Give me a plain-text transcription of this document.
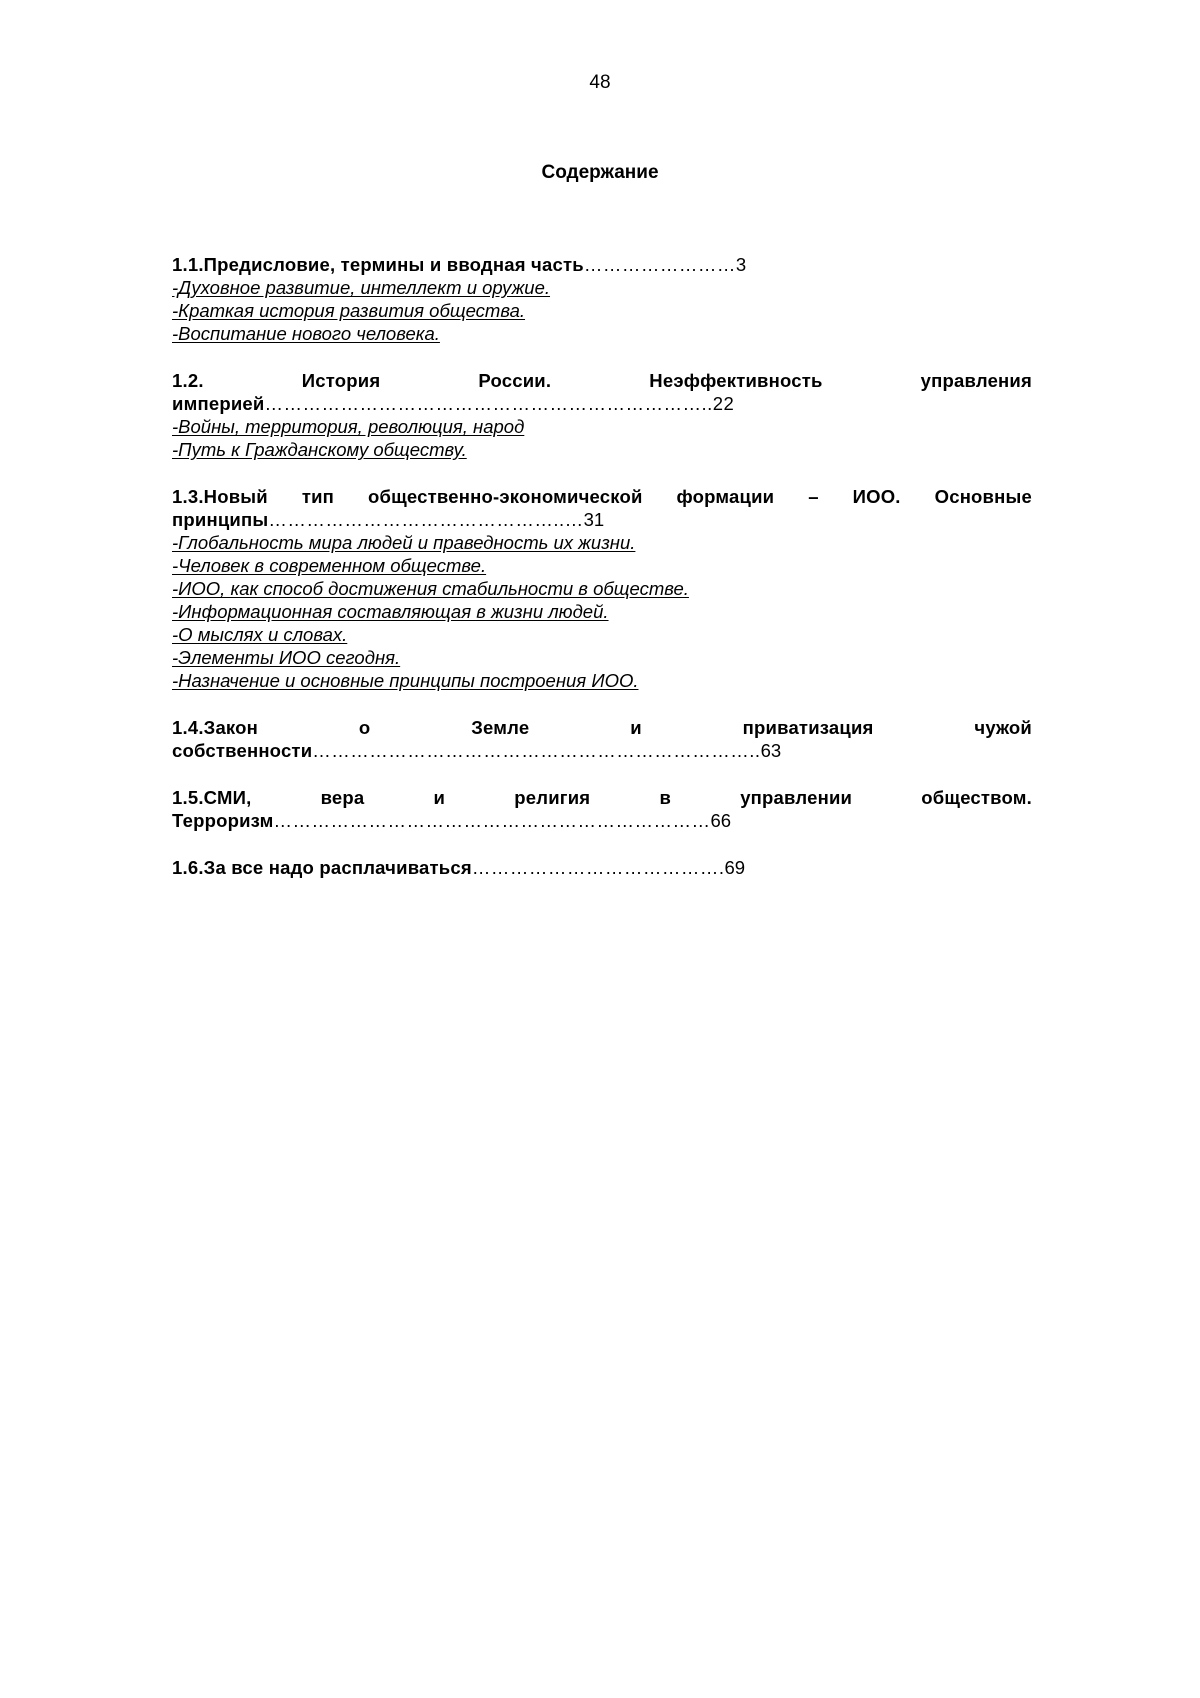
48
Содержание

1.1.Предисловие, термины и вводная часть……………………3

-Духовное развитие, интеллект и оружие.
-Краткая история развития общества.
-Воспитание нового человека.

1.2. История России. Неэффективность управления империей……………………………………………………………..22

-Войны, территория, революция, народ
-Путь к Гражданскому обществу.

1.3.Новый тип общественно-экономической формации – ИОО. Основные принципы………………………………………..…31

-Глобальность мира людей и праведность их жизни.
-Человек в современном обществе.
-ИОО, как способ достижения стабильности в обществе.
-Информационная составляющая в жизни людей.
-О мыслях и словах.
-Элементы ИОО сегодня.
-Назначение и основные принципы построения ИОО.

1.4.Закон о Земле и приватизация чужой собственности……………………………………………………………..63

1.5.СМИ, вера и религия в управлении обществом. Терроризм……………………………………………………………66

1.6.За все надо расплачиваться………………………………….69
